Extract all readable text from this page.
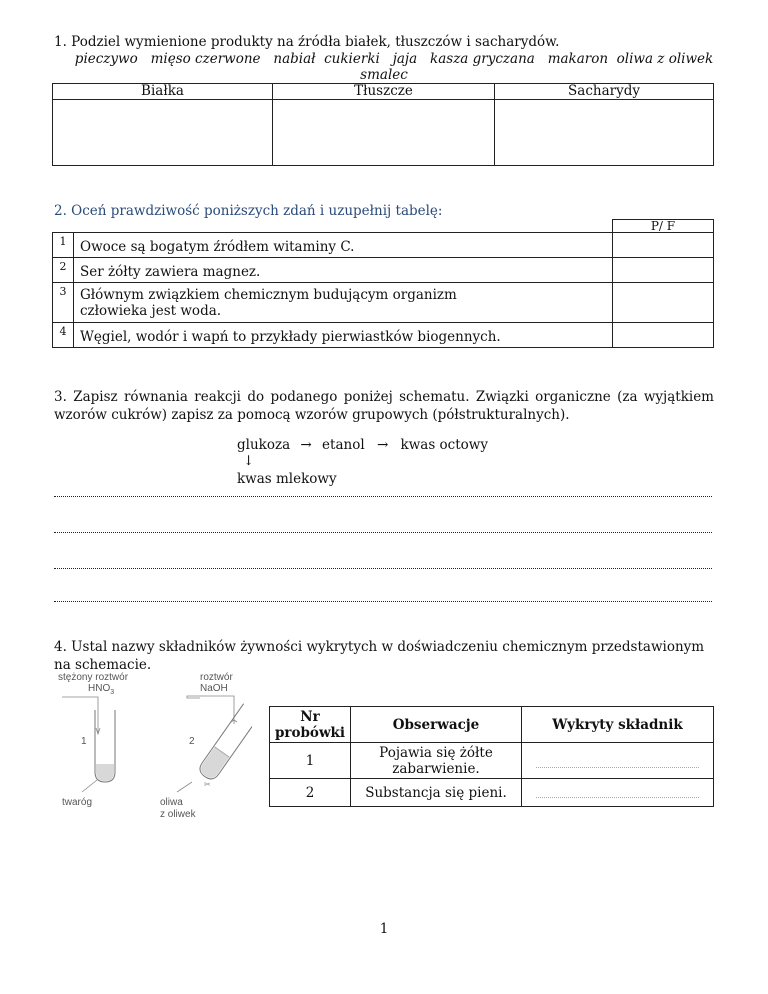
1. Podziel wymienione produkty na źródła białek, tłuszczów i sacharydów.
pieczywo   mięso czerwone   nabiał  cukierki   jaja   kasza gryczana   makaron  oliwa z oliwek
smalec
Białka	Tłuszcze	Sacharydy

2. Oceń prawdziwość poniższych zdań i uzupełnij tabelę:
		P/ F
1	Owoce są bogatym źródłem witaminy C.	
2	Ser żółty zawiera magnez.	
3	Głównym związkiem chemicznym budującym organizm człowieka jest woda.	
4	Węgiel, wodór i wapń to przykłady pierwiastków biogennych.	
3. Zapisz równania reakcji do podanego poniżej schematu. Związki organiczne (za wyjątkiem wzorów cukrów) zapisz za pomocą wzorów grupowych (półstrukturalnych).
glukoza → etanol → kwas octowy
↓
kwas mlekowy
4. Ustal nazwy składników żywności wykrytych w doświadczeniu chemicznym przedstawionym na schemacie.
stężony roztwór
$HNO_3$
roztwór
NaOH
1	2
twaróg	oliwa
z oliwek
✂
Nr probówki	Obserwacje	Wykryty składnik
1	Pojawia się żółte zabarwienie.	

2	Substancja się pieni.	
1
